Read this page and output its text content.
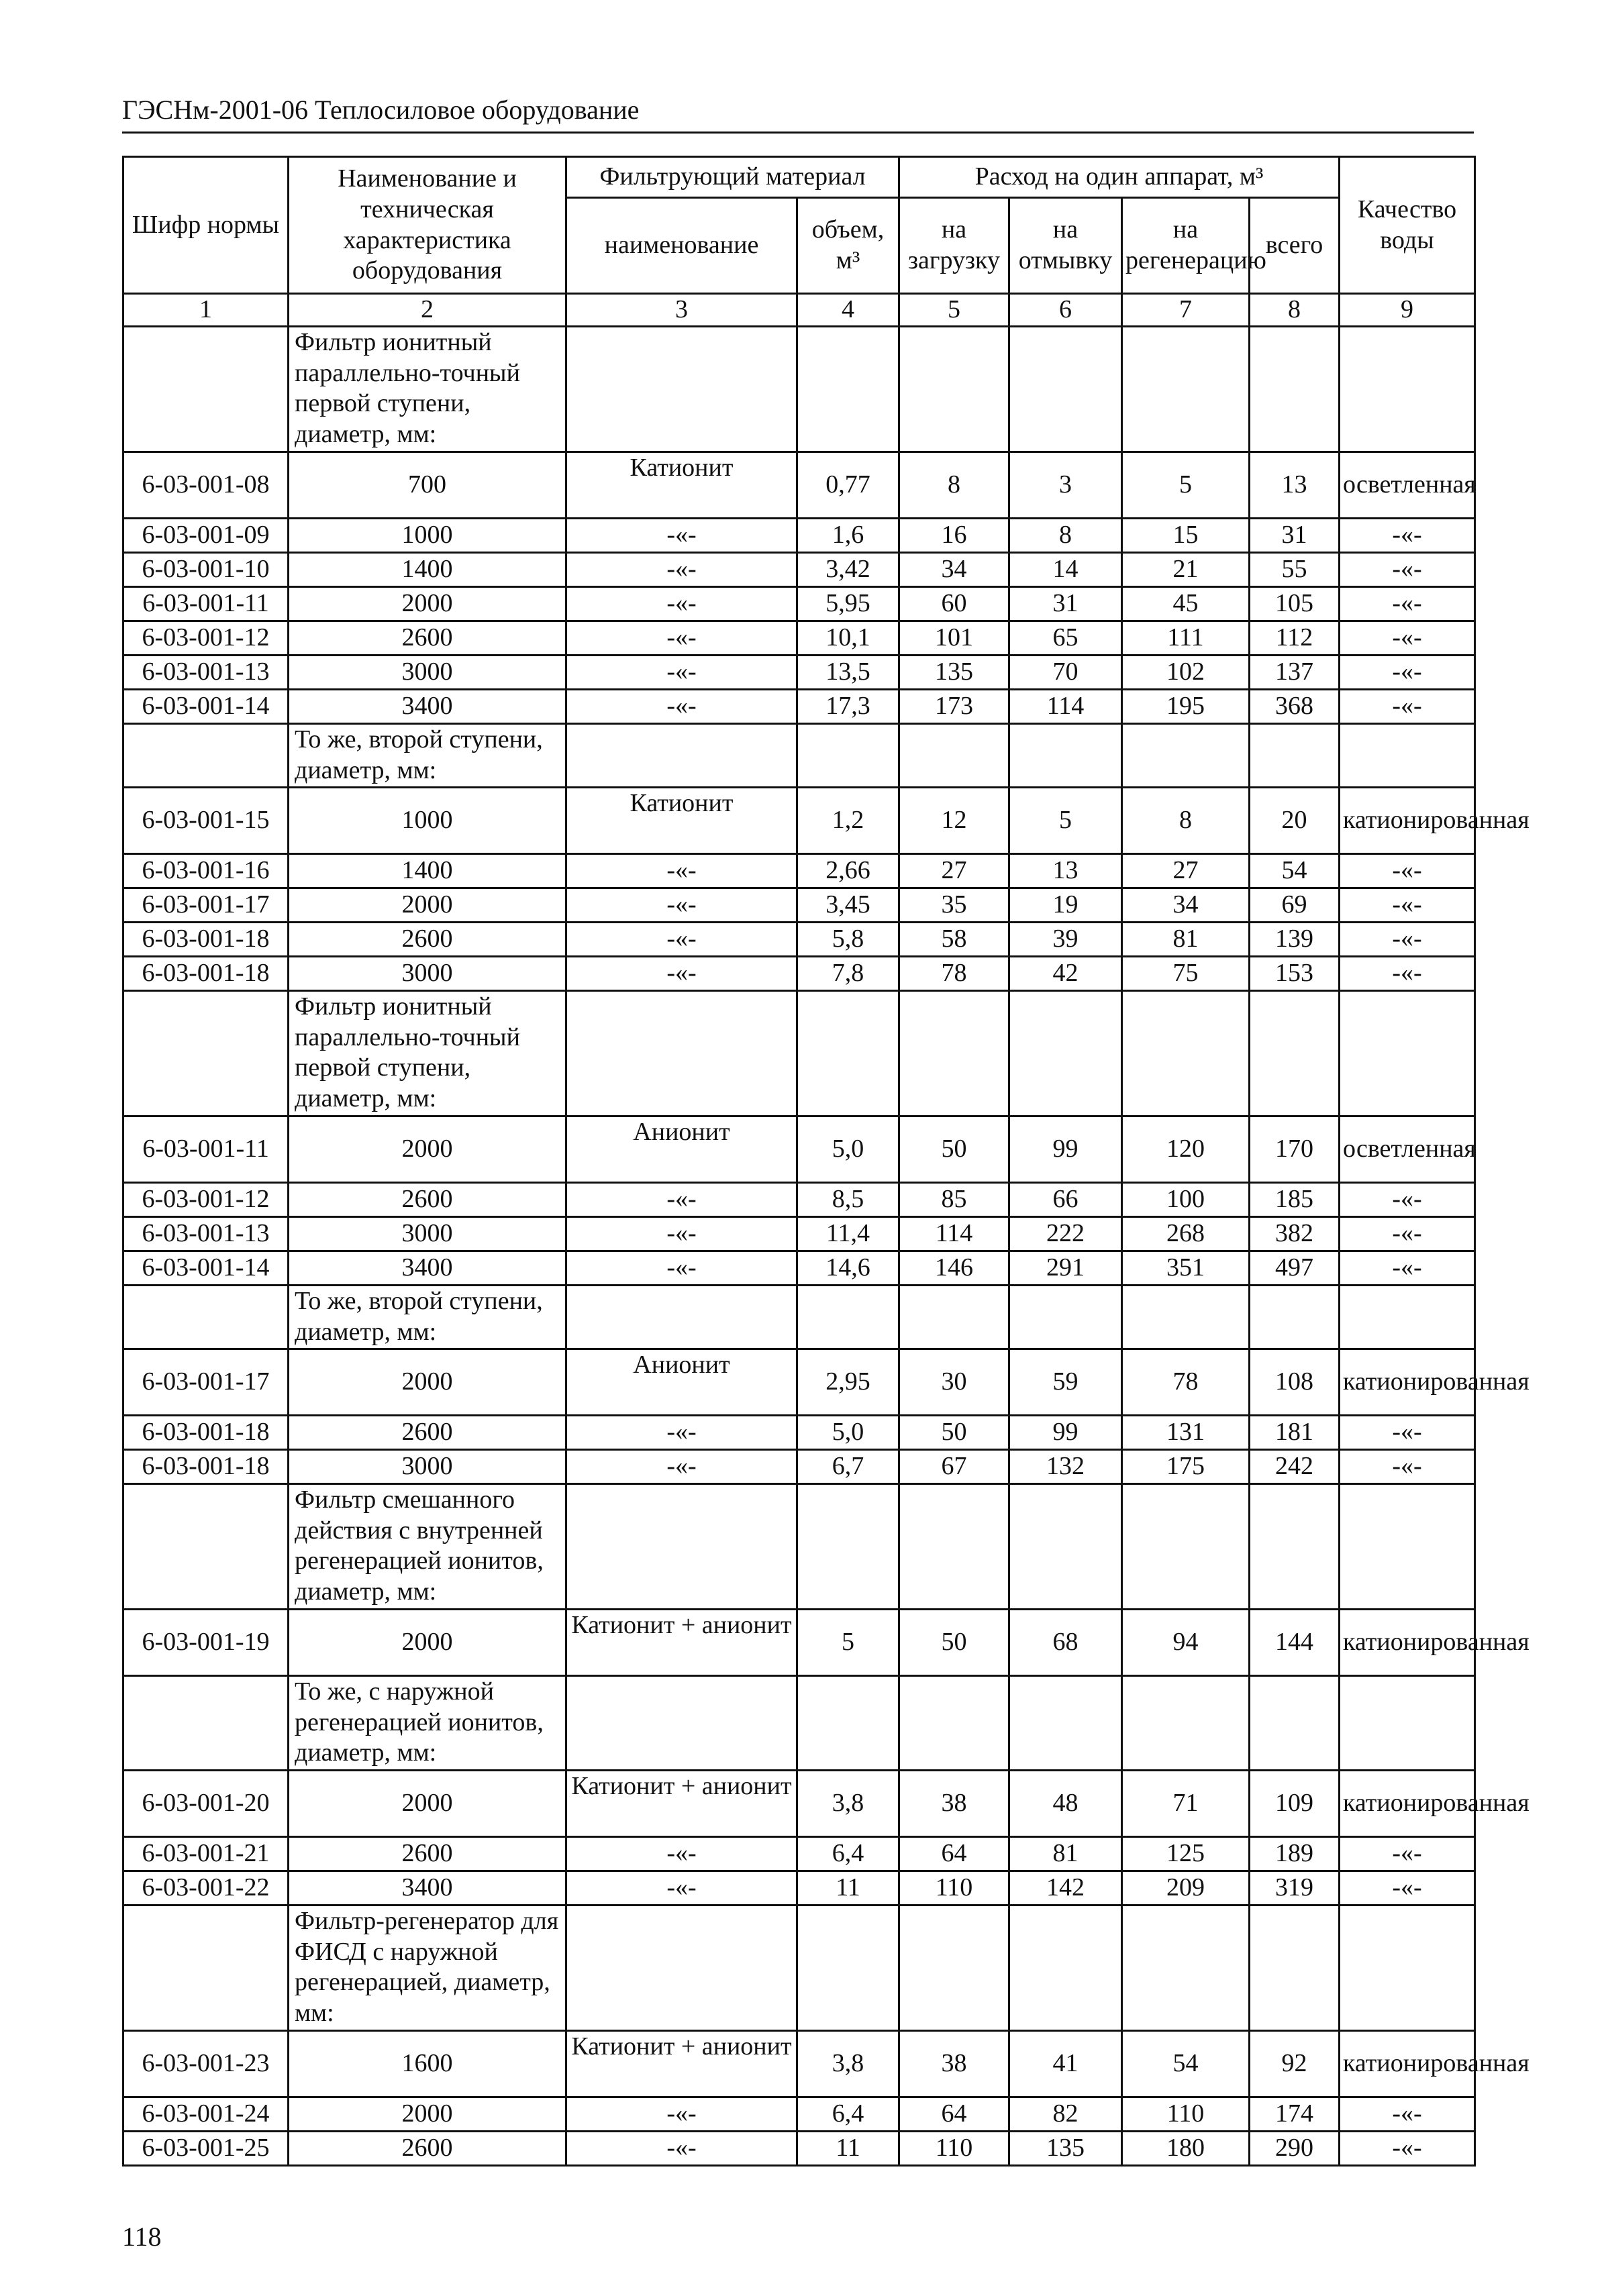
ГЭСНм-2001-06 Теплосиловое оборудование
Шифр нормы	Наименование и техническая характеристика оборудования	Фильтрующий материал		Расход на один аппарат, м³				Качество воды
		наименование	объем, м³	на загрузку	на отмывку	на регенерацию	всего	
1	2	3	4	5	6	7	8	9
	Фильтр ионитный параллельно-точный первой ступени, диаметр, мм:							
6-03-001-08	700	Катионит	0,77	8	3	5	13	осветленная
6-03-001-09	1000	-«-	1,6	16	8	15	31	-«-
6-03-001-10	1400	-«-	3,42	34	14	21	55	-«-
6-03-001-11	2000	-«-	5,95	60	31	45	105	-«-
6-03-001-12	2600	-«-	10,1	101	65	111	112	-«-
6-03-001-13	3000	-«-	13,5	135	70	102	137	-«-
6-03-001-14	3400	-«-	17,3	173	114	195	368	-«-
	То же, второй ступени, диаметр, мм:							
6-03-001-15	1000	Катионит	1,2	12	5	8	20	катионированная
6-03-001-16	1400	-«-	2,66	27	13	27	54	-«-
6-03-001-17	2000	-«-	3,45	35	19	34	69	-«-
6-03-001-18	2600	-«-	5,8	58	39	81	139	-«-
6-03-001-18	3000	-«-	7,8	78	42	75	153	-«-
	Фильтр ионитный параллельно-точный первой ступени, диаметр, мм:							
6-03-001-11	2000	Анионит	5,0	50	99	120	170	осветленная
6-03-001-12	2600	-«-	8,5	85	66	100	185	-«-
6-03-001-13	3000	-«-	11,4	114	222	268	382	-«-
6-03-001-14	3400	-«-	14,6	146	291	351	497	-«-
	То же, второй ступени, диаметр, мм:							
6-03-001-17	2000	Анионит	2,95	30	59	78	108	катионированная
6-03-001-18	2600	-«-	5,0	50	99	131	181	-«-
6-03-001-18	3000	-«-	6,7	67	132	175	242	-«-
	Фильтр смешанного действия с внутренней регенерацией ионитов, диаметр, мм:							
6-03-001-19	2000	Катионит + анионит	5	50	68	94	144	катионированная
	То же, с наружной регенерацией ионитов, диаметр, мм:							
6-03-001-20	2000	Катионит + анионит	3,8	38	48	71	109	катионированная
6-03-001-21	2600	-«-	6,4	64	81	125	189	-«-
6-03-001-22	3400	-«-	11	110	142	209	319	-«-
	Фильтр-регенератор для ФИСД с наружной регенерацией, диаметр, мм:							
6-03-001-23	1600	Катионит + анионит	3,8	38	41	54	92	катионированная
6-03-001-24	2000	-«-	6,4	64	82	110	174	-«-
6-03-001-25	2600	-«-	11	110	135	180	290	-«-
118
